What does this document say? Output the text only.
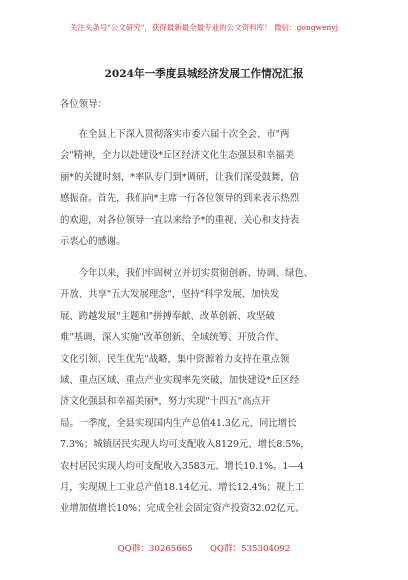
关注头条号"公文研究"，获得最新最全最专业的公文资料库！ 微信：gongwenyj
2024年一季度县城经济发展工作情况汇报
各位领导：
　　在全县上下深入贯彻落实市委六届十次全会、市"两
会"精神，全力以赴建设*丘区经济文化生态强县和幸福美
丽*的关键时刻，*率队专门到*调研，让我们深受鼓舞，倍
感振奋。首先，我们向*主席一行各位领导的到来表示热烈
的欢迎，对各位领导一直以来给予*的重视、关心和支持表
示衷心的感谢。
　　今年以来，我们牢固树立并切实贯彻创新、协调、绿色、
开放、共享"五大发展理念"，坚持"科学发展、加快发
展、跨越发展"主题和"拼搏奉献、改革创新、攻坚破
难"基调，深入实施"改革创新、全域统筹、开放合作、
文化引领、民生优先"战略，集中资源着力支持在重点领
域、重点区域、重点产业实现率先突破，加快建设*丘区经
济文化强县和幸福美丽*，努力实现"十四五"高点开
局。一季度，全县实现国内生产总值41.3亿元，同比增长
7.3%；城镇居民实现人均可支配收入8129元、增长8.5%，
农村居民实现人均可支配收入3583元、增长10.1%。1—4
月，实现规上工业总产值18.14亿元、增长12.4%；规上工
业增加值增长10%；完成全社会固定资产投资32.02亿元、
QQ群：30265665　　QQ群：535304092
